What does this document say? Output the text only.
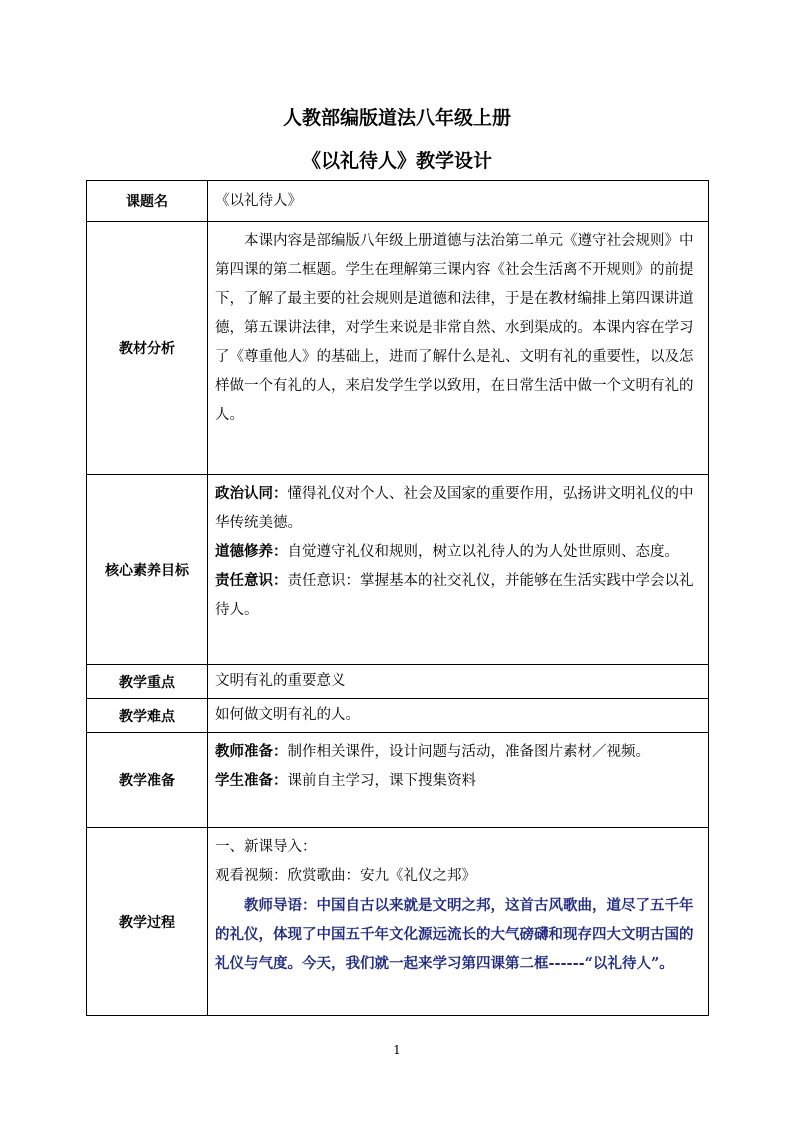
人教部编版道法八年级上册
《以礼待人》教学设计
课题名	《以礼待人》
教材分析	本课内容是部编版八年级上册道德与法治第二单元《遵守社会规则》中第四课的第二框题。学生在理解第三课内容《社会生活离不开规则》的前提下，了解了最主要的社会规则是道德和法律，于是在教材编排上第四课讲道德，第五课讲法律，对学生来说是非常自然、水到渠成的。本课内容在学习了《尊重他人》的基础上，进而了解什么是礼、文明有礼的重要性，以及怎样做一个有礼的人，来启发学生学以致用，在日常生活中做一个文明有礼的人。

核心素养目标	政治认同：懂得礼仪对个人、社会及国家的重要作用，弘扬讲文明礼仪的中华传统美德。

道德修养：自觉遵守礼仪和规则，树立以礼待人的为人处世原则、态度。

责任意识：责任意识：掌握基本的社交礼仪，并能够在生活实践中学会以礼待人。

教学重点	文明有礼的重要意义
教学难点	如何做文明有礼的人。
教学准备	教师准备：制作相关课件，设计问题与活动，准备图片素材／视频。

学生准备：课前自主学习，课下搜集资料

教学过程	一、新课导入：

观看视频：欣赏歌曲：安九《礼仪之邦》

教师导语：中国自古以来就是文明之邦，这首古风歌曲，道尽了五千年的礼仪，体现了中国五千年文化源远流长的大气磅礴和现存四大文明古国的礼仪与气度。今天，我们就一起来学习第四课第二框------“以礼待人”。

1
